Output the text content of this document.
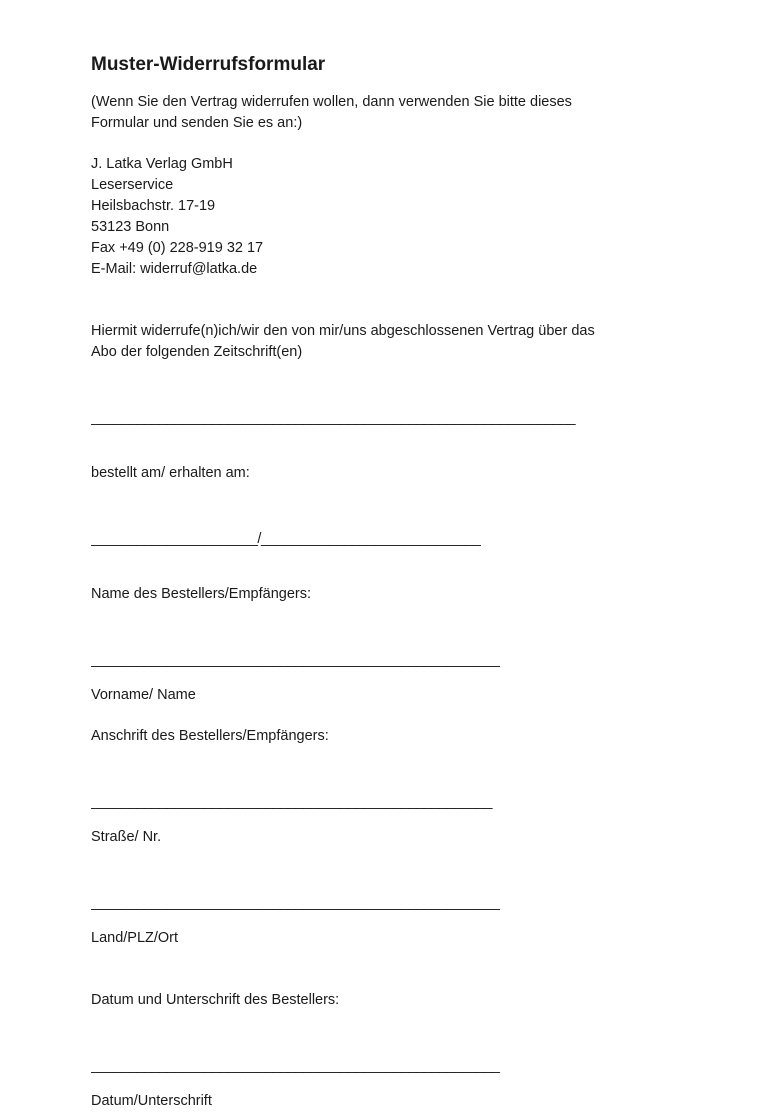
Muster-Widerrufsformular

(Wenn Sie den Vertrag widerrufen wollen, dann verwenden Sie bitte dieses

Formular und senden Sie es an:)

J. Latka Verlag GmbH

Leserservice

Heilsbachstr. 17-19

53123 Bonn

Fax +49 (0) 228-919 32 17

E-Mail: widerruf@latka.de

Hiermit widerrufe(n)ich/wir den von mir/uns abgeschlossenen Vertrag über das

Abo der folgenden Zeitschrift(en)

________________________________________________________________

bestellt am/ erhalten am:

______________________/_____________________________

Name des Bestellers/Empfängers:

______________________________________________________

Vorname/ Name

Anschrift des Bestellers/Empfängers:

_____________________________________________________

Straße/ Nr.

______________________________________________________

Land/PLZ/Ort

Datum und Unterschrift des Bestellers:

______________________________________________________

Datum/Unterschrift
